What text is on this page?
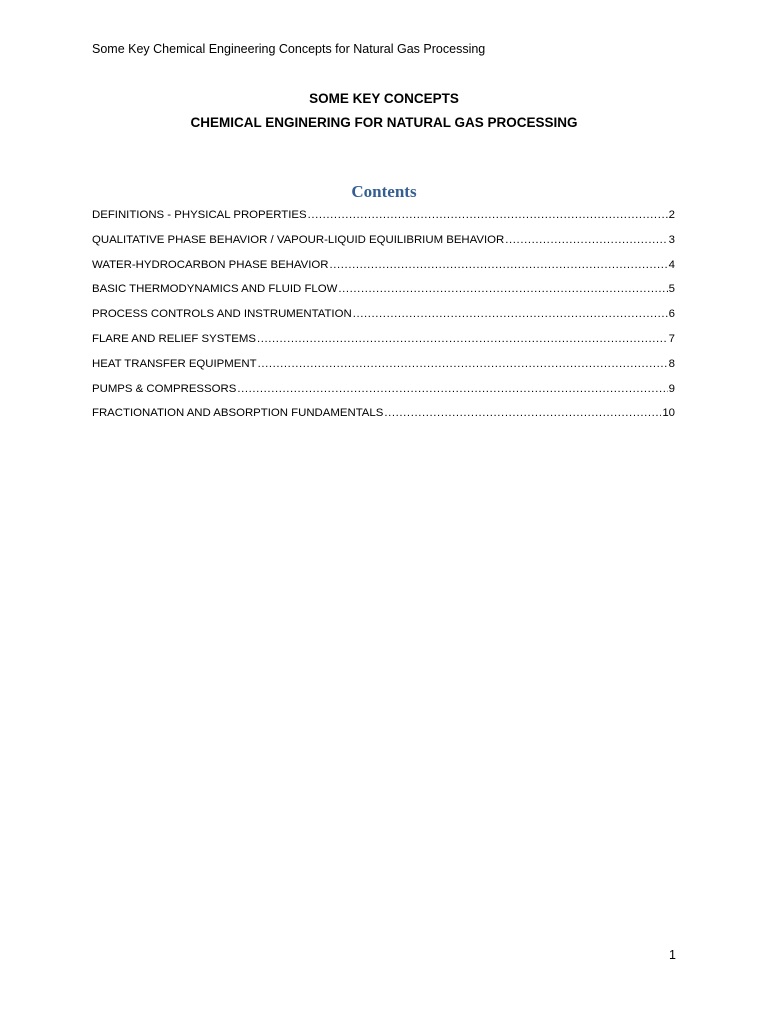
Some Key Chemical Engineering Concepts for Natural Gas Processing
SOME KEY CONCEPTS
CHEMICAL ENGINERING FOR NATURAL GAS PROCESSING
Contents
DEFINITIONS - PHYSICAL PROPERTIES .....	2
QUALITATIVE PHASE BEHAVIOR / VAPOUR-LIQUID EQUILIBRIUM BEHAVIOR .....	3
WATER-HYDROCARBON PHASE BEHAVIOR .....	4
BASIC THERMODYNAMICS AND FLUID FLOW .....	5
PROCESS CONTROLS AND INSTRUMENTATION .....	6
FLARE AND RELIEF SYSTEMS .....	7
HEAT TRANSFER EQUIPMENT .....	8
PUMPS & COMPRESSORS .....	9
FRACTIONATION AND ABSORPTION FUNDAMENTALS .....	10
1
